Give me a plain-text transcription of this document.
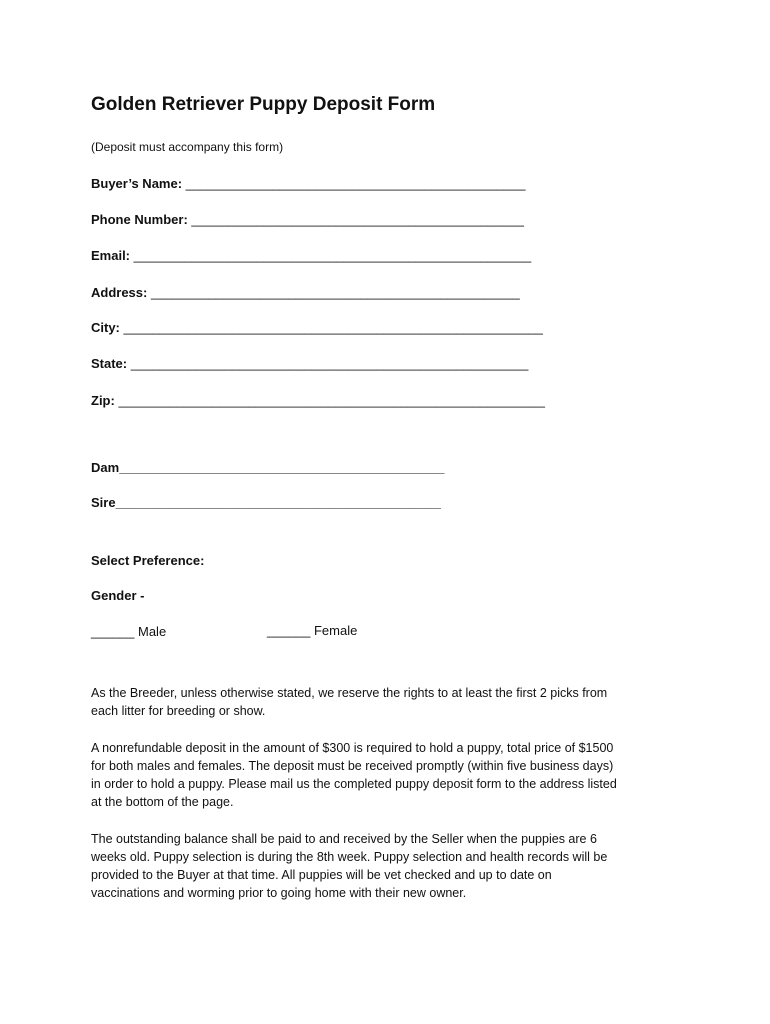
Golden Retriever Puppy Deposit Form
(Deposit must accompany this form)
Buyer’s Name: _______________________________________________
Phone Number: ______________________________________________
Email: _______________________________________________________
Address: ___________________________________________________
City: __________________________________________________________
State: _______________________________________________________
Zip: ___________________________________________________________
Dam_____________________________________________
Sire_____________________________________________
Select Preference:
Gender -
______ Male	______ Female
As the Breeder, unless otherwise stated, we reserve the rights to at least the first 2 picks from
each litter for breeding or show.
A nonrefundable deposit in the amount of $300 is required to hold a puppy, total price of $1500
for both males and females. The deposit must be received promptly (within five business days)
in order to hold a puppy. Please mail us the completed puppy deposit form to the address listed
at the bottom of the page.
The outstanding balance shall be paid to and received by the Seller when the puppies are 6
weeks old. Puppy selection is during the 8th week. Puppy selection and health records will be
provided to the Buyer at that time. All puppies will be vet checked and up to date on
vaccinations and worming prior to going home with their new owner.
